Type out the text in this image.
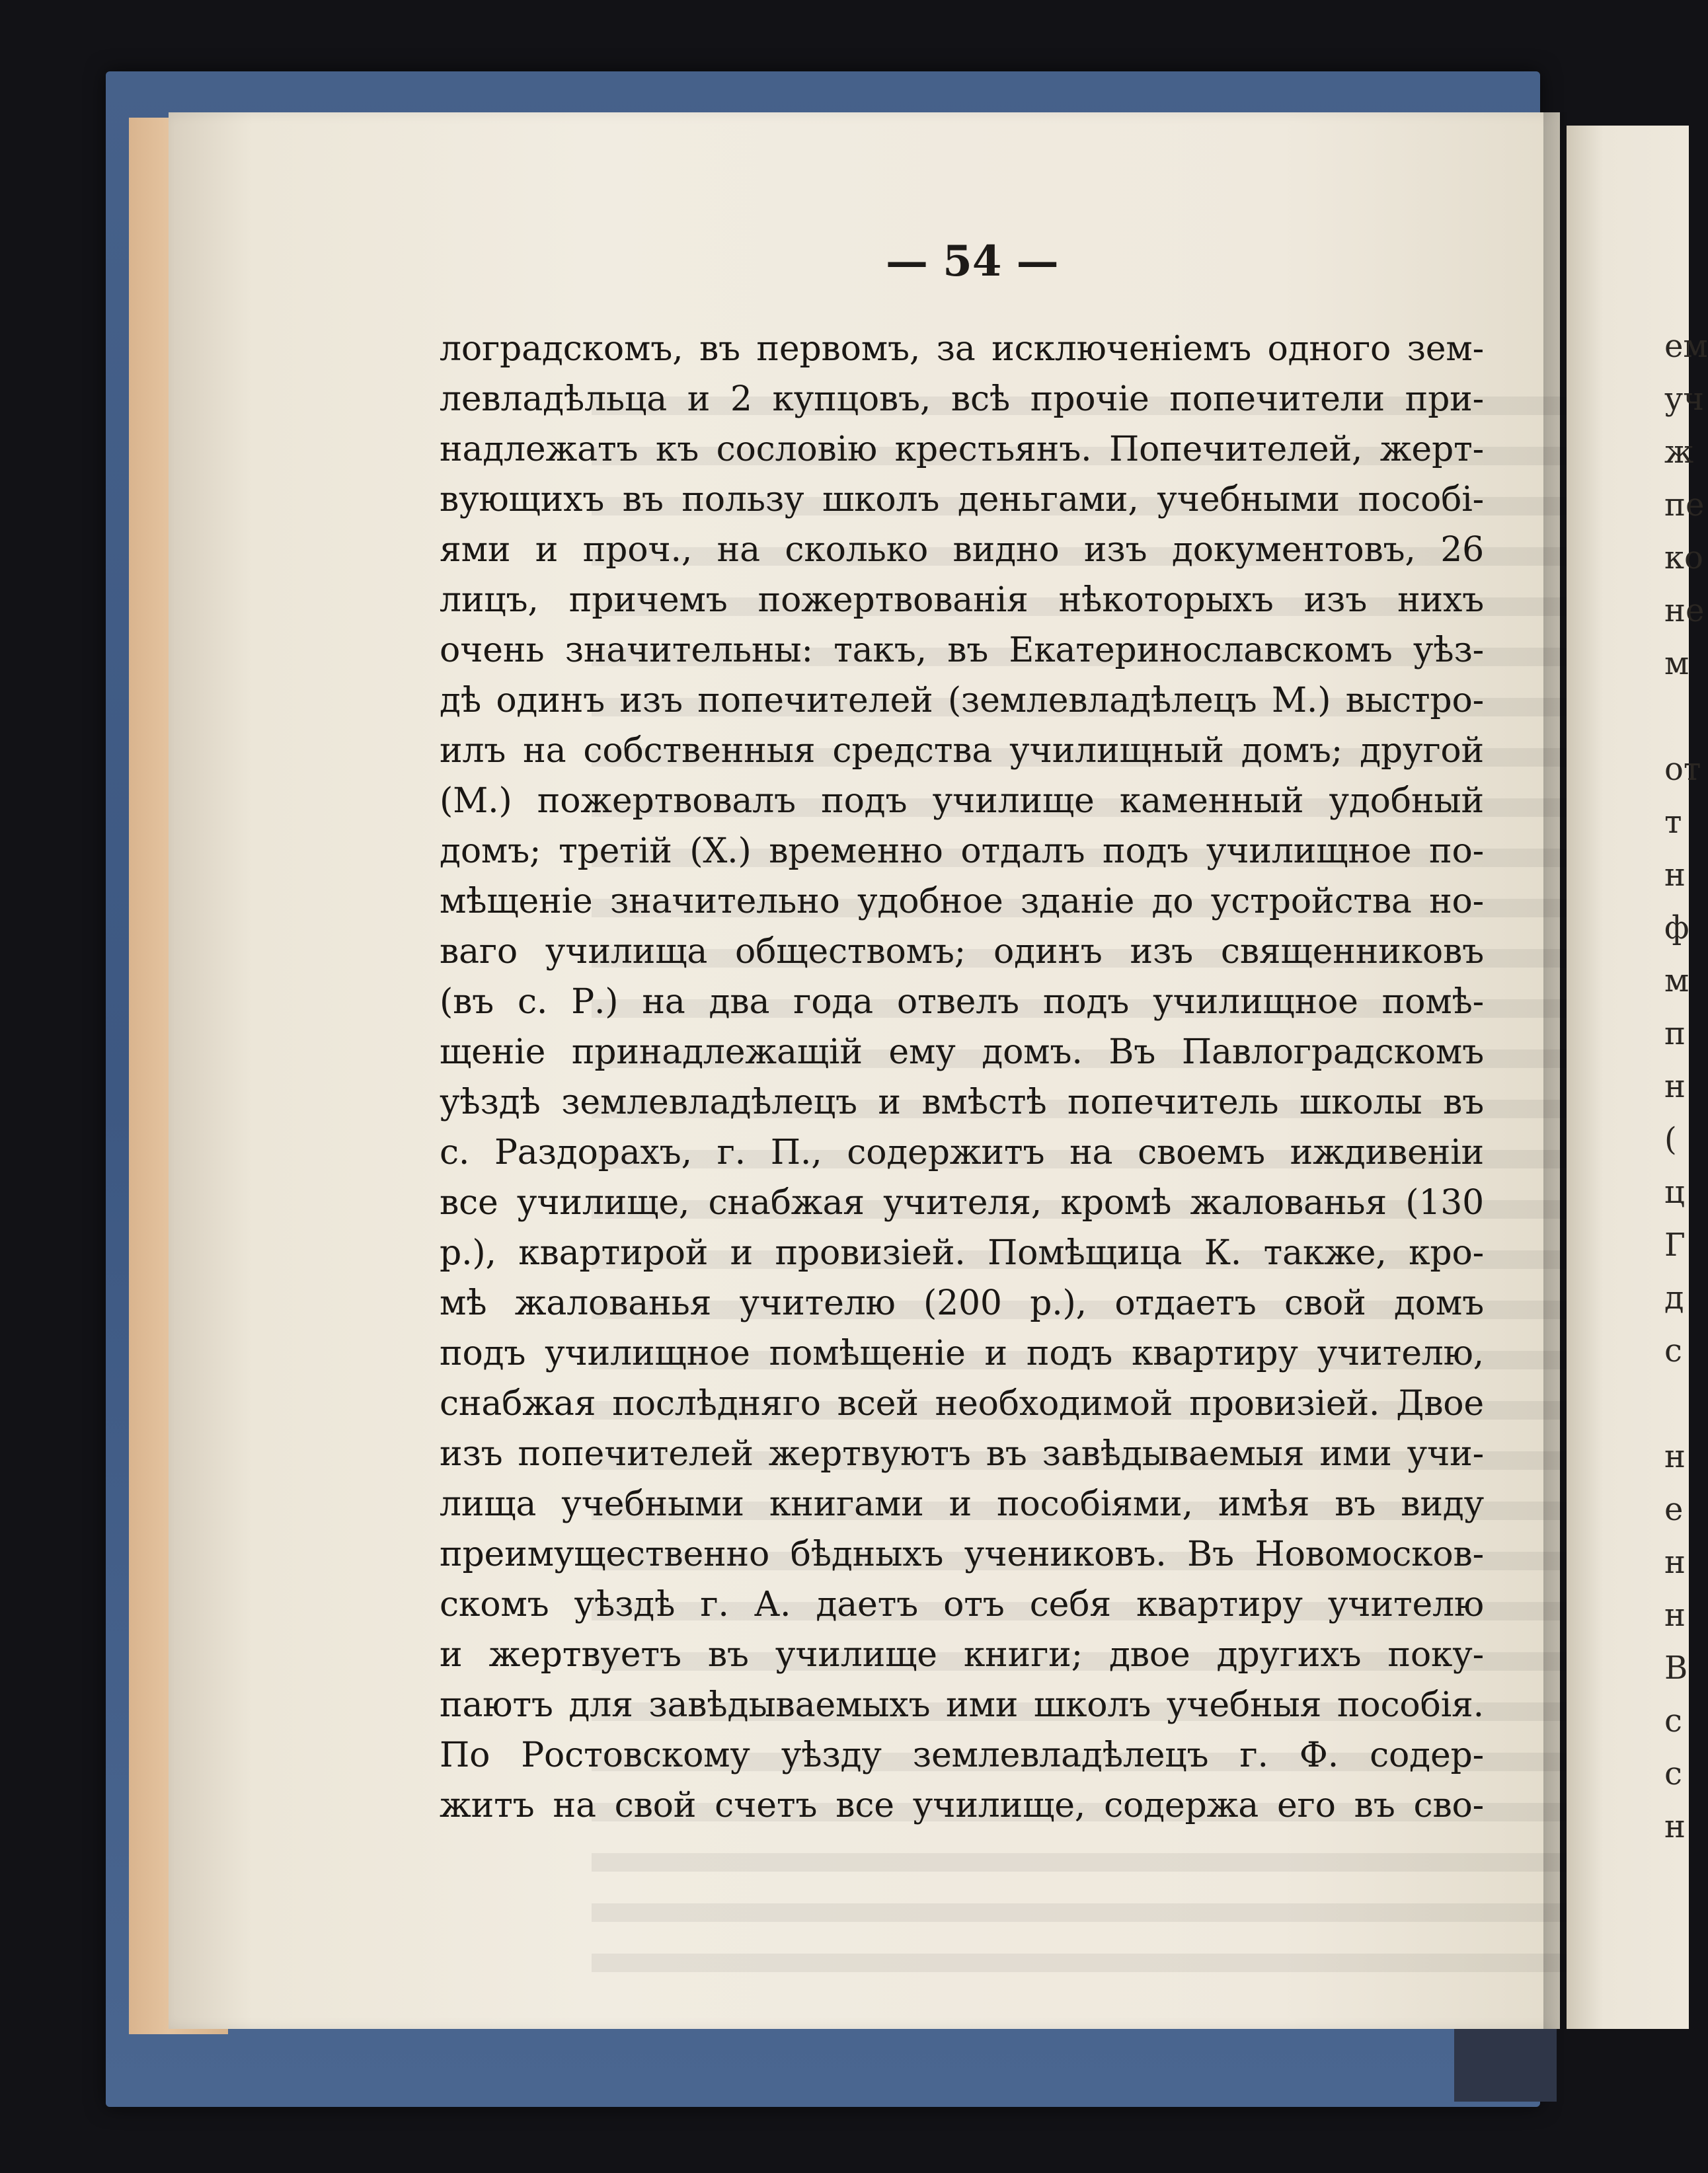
ем
уч
ж
пе
ко
не
м
от
т
н
ф
м
п
н
(
ц
Г
д
с
н
е
н
н
В
с
с
н
— 54 —
лоградскомъ, въ первомъ, за исключеніемъ одного зем-
левладѣльца и 2 купцовъ, всѣ прочіе попечители при-
надлежатъ къ сословію крестьянъ. Попечителей, жерт-
вующихъ въ пользу школъ деньгами, учебными пособі-
ями и проч., на сколько видно изъ документовъ, 26
лицъ, причемъ пожертвованія нѣкоторыхъ изъ нихъ
очень значительны: такъ, въ Екатеринославскомъ уѣз-
дѣ одинъ изъ попечителей (землевладѣлецъ М.) выстро-
илъ на собственныя средства училищный домъ; другой
(М.) пожертвовалъ подъ училище каменный удобный
домъ; третій (Х.) временно отдалъ подъ училищное по-
мѣщеніе значительно удобное зданіе до устройства но-
ваго училища обществомъ; одинъ изъ священниковъ
(въ с. Р.) на два года отвелъ подъ училищное помѣ-
щеніе принадлежащій ему домъ. Въ Павлоградскомъ
уѣздѣ землевладѣлецъ и вмѣстѣ попечитель школы въ
с. Раздорахъ, г. П., содержитъ на своемъ иждивеніи
все училище, снабжая учителя, кромѣ жалованья (130
р.), квартирой и провизіей. Помѣщица К. также, кро-
мѣ жалованья учителю (200 р.), отдаетъ свой домъ
подъ училищное помѣщеніе и подъ квартиру учителю,
снабжая послѣдняго всей необходимой провизіей. Двое
изъ попечителей жертвуютъ въ завѣдываемыя ими учи-
лища учебными книгами и пособіями, имѣя въ виду
преимущественно бѣдныхъ учениковъ. Въ Новомосков-
скомъ уѣздѣ г. А. даетъ отъ себя квартиру учителю
и жертвуетъ въ училище книги; двое другихъ поку-
паютъ для завѣдываемыхъ ими школъ учебныя пособія.
По Ростовскому уѣзду землевладѣлецъ г. Ф. содер-
житъ на свой счетъ все училище, содержа его въ сво-
